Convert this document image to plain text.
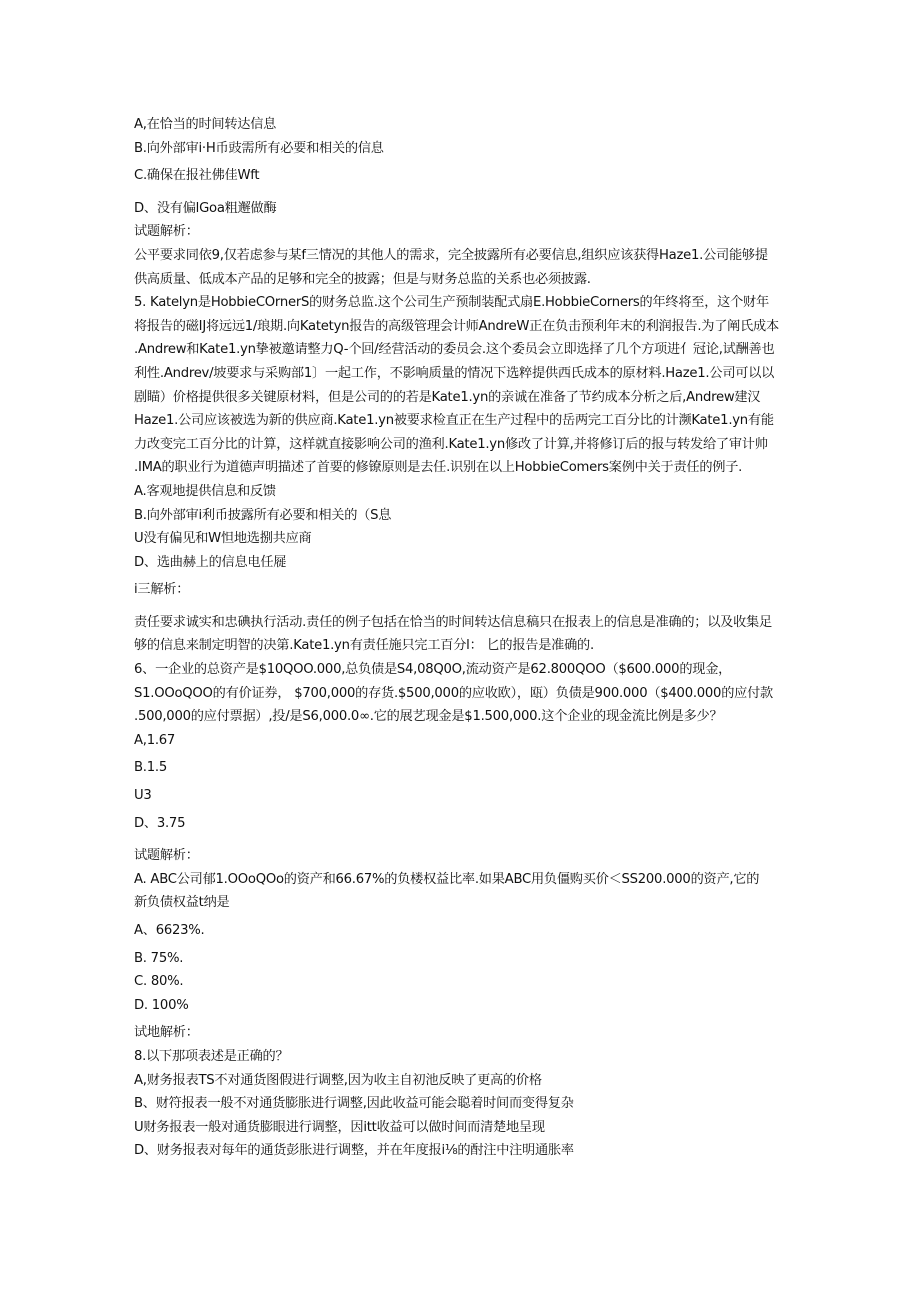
A,在恰当的时间转达信息
B.向外部审i·H币豉需所有必要和相关的信息
C.确保在报社佛佳Wft
D、没有偏lGoa粗邂做酶
试题解析：
公平要求同依9,仅若虑参与某f三情况的其他人的需求，完全披露所有必要信息,组织应该获得Haze1.公司能够提
供高质量、低成本产品的足够和完全的披露；但是与财务总监的关系也必须披露.
5. Katelyn是HobbieCOrnerS的财务总监.这个公司生产预制装配式扇E.HobbieCorners的年终将至，这个财年
将报告的磁IJ将远远1/琅期.向Katetyn报告的高级管理会计师AndreW正在负击预利年末的利润报告.为了阐氏成本
.Andrew和Kate1.yn挚被邀请整力Q-个回/经营活动的委员会.这个委员会立即选择了几个方项进亻冠论,试酬善也
利性.Andrev/坡要求与采购部1〕一起工作，不影响质量的情况下选粹提供西氏成本的原材料.Haze1.公司可以以
剧瞄）价格提供很多关键原材料，但是公司的的若是Kate1.yn的亲诚在准备了节约成本分析之后,Andrew建汉
Haze1.公司应该被选为新的供应商.Kate1.yn被要求检直正在生产过程中的岳两完工百分比的计濒Kate1.yn有能
力改变完工百分比的计算，这样就直接影响公司的渔利.Kate1.yn修改了计算,并将修订后的报与转发给了审计帅
.IMA的职业行为道德声明描述了首要的修镣原则是去任.识别在以上HobbieComers案例中关于责任的例子.
A.客观地提供信息和反馈
B.向外部审i利币披露所有必要和相关的（S息
U没有偏见和W怛地选捌共应商
D、选曲赫上的信息电任屣
i三解析：
责任要求诚实和忠碘执行活动.责任的例子包括在恰当的时间转达信息稿只在报表上的信息是准确的；以及收集足
够的信息来制定明智的决第.Kate1.yn有责任施只完工百分l： 匕的报告是准确的.
6、一企业的总资产是$10QOO.000,总负债是S4,08Q0O,流动资产是62.800QOO（$600.000的现金，
S1.OOoQOO的有价证券， $700,000的存货.$500,000的应收欧），瓯）负债是900.000（$400.000的应付款
.500,000的应付票据）,投/是S6,000.0∞.它的展艺现金是$1.500,000.这个企业的现金流比例是多少？
A,1.67
B.1.5
U3
D、3.75
试题解析：
A. ABC公司郁1.OOoQOo的资产和66.67%的负楼权益比率.如果ABC用负僵购买价＜SS200.000的资产,它的
新负债权益t纳是
A、6623%.
B. 75%.
C. 80%.
D. 100%
试地解析：
8.以下那项表述是正确的？
A,财务报表TS不对通货图假进行调整,因为收主自初池反映了更高的价格
B、财符报表一般不对通货膨胀进行调整,因此收益可能会聪着时间而变得复杂
U财务报表一般对通货膨眼进行调整，因itt收益可以做时间而清楚地呈现
D、财务报表对每年的通货彭胀进行调整，并在年度报i⅛的酎注中注明通胀率
